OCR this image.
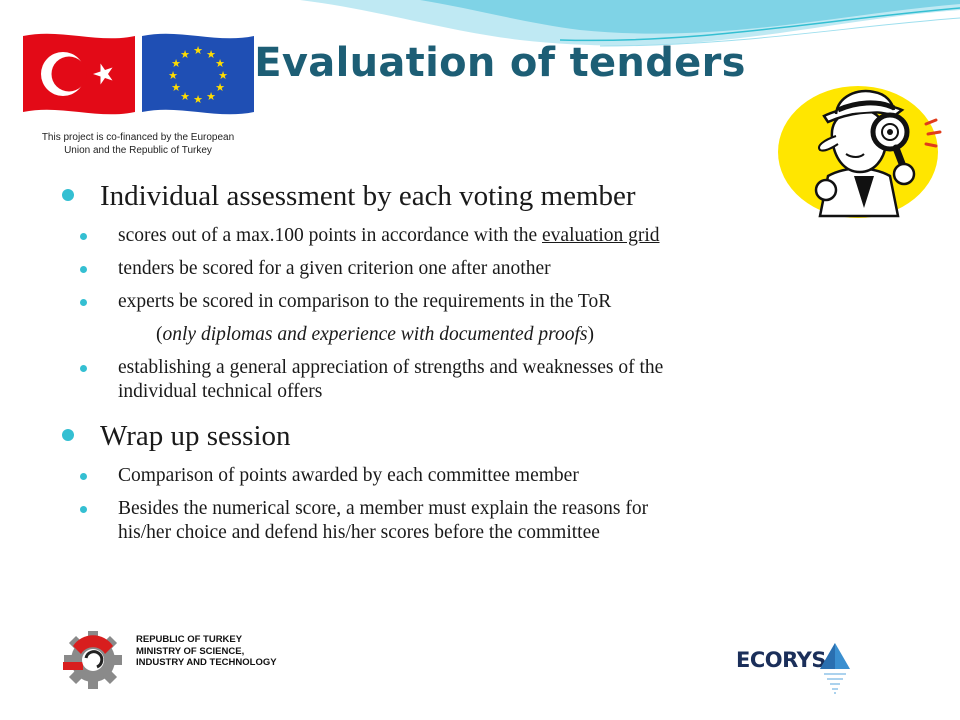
★ ★
★
★
★
★
★
★
★
★
★
★
This project is co-financed by the European
Union and the Republic of Turkey
Evaluation of tenders
Individual assessment by each voting member
scores out of a max.100 points in accordance with the evaluation grid
tenders be scored for a given criterion one after another
experts be scored in comparison to the requirements in the ToR
(only diplomas and experience with documented proofs)
establishing a general appreciation of strengths and weaknesses of the
individual technical offers
Wrap up session
Comparison of points awarded by each committee member
Besides the numerical score, a member must explain the reasons for
his/her choice and defend his/her scores before the committee
REPUBLIC OF TURKEY
MINISTRY OF SCIENCE,
INDUSTRY AND TECHNOLOGY	ECORYS
